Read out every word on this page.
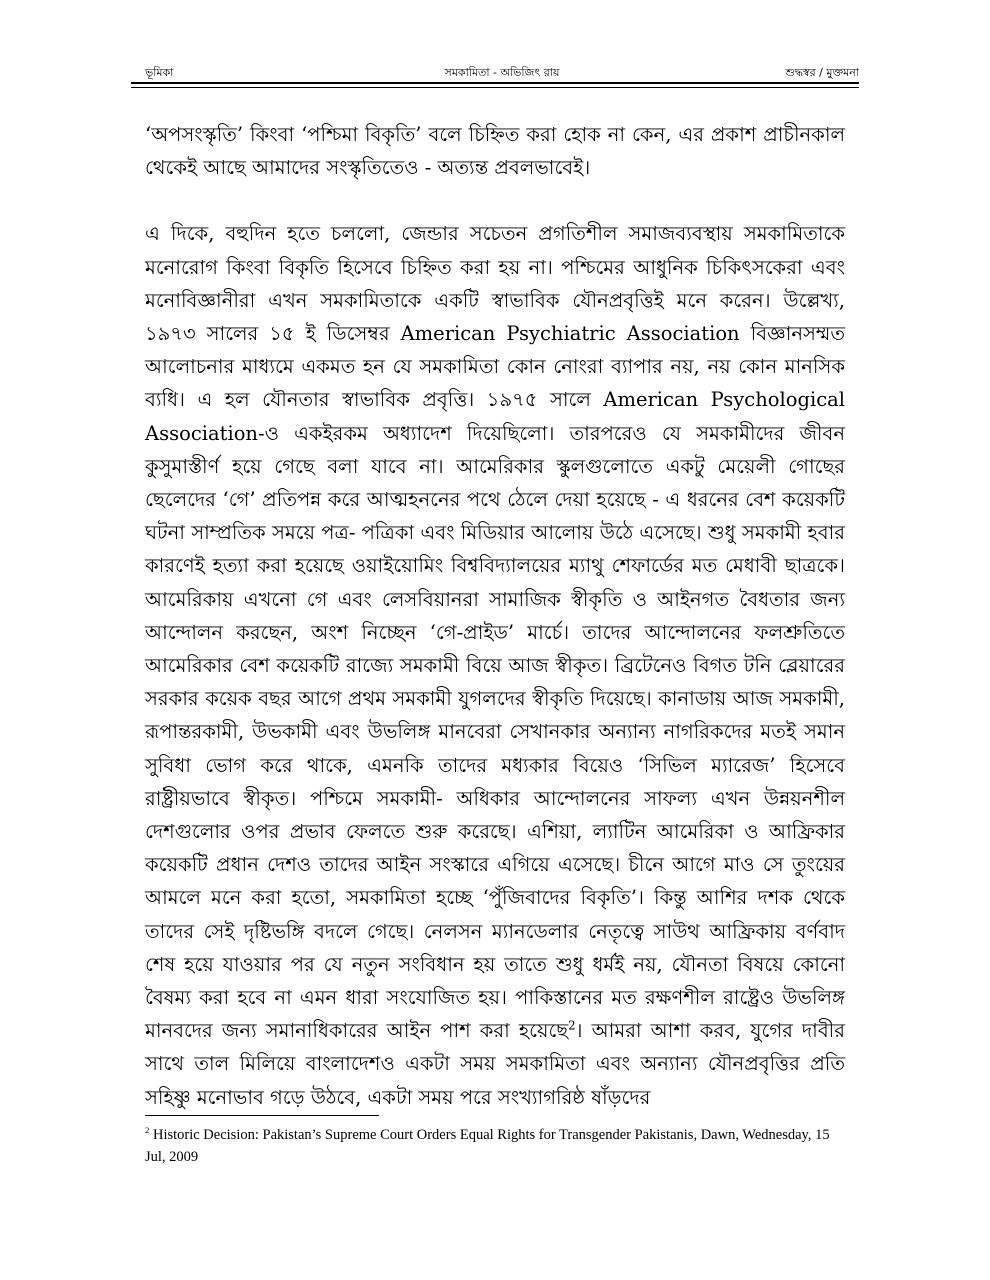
ভূমিকা	সমকামিতা - অভিজিৎ রায়	শুদ্ধস্বর / মুক্তমনা

‘অপসংস্কৃতি’ কিংবা ‘পশ্চিমা বিকৃতি’ বলে চিহ্নিত করা হোক না কেন, এর প্রকাশ প্রাচীনকাল থেকেই আছে আমাদের সংস্কৃতিতেও - অত্যন্ত প্রবলভাবেই।

এ দিকে, বহুদিন হতে চললো, জেন্ডার সচেতন প্রগতিশীল সমাজব্যবস্থায় সমকামিতাকে মনোরোগ কিংবা বিকৃতি হিসেবে চিহ্নিত করা হয় না। পশ্চিমের আধুনিক চিকিৎসকেরা এবং মনোবিজ্ঞানীরা এখন সমকামিতাকে একটি স্বাভাবিক যৌনপ্রবৃত্তিই মনে করেন। উল্লেখ্য, ১৯৭৩ সালের ১৫ ই ডিসেম্বর American Psychiatric Association বিজ্ঞানসম্মত আলোচনার মাধ্যমে একমত হন যে সমকামিতা কোন নোংরা ব্যাপার নয়, নয় কোন মানসিক ব্যধি। এ হল যৌনতার স্বাভাবিক প্রবৃত্তি। ১৯৭৫ সালে American Psychological Association-ও একইরকম অধ্যাদেশ দিয়েছিলো। তারপরেও যে সমকামীদের জীবন কুসুমাস্তীর্ণ হয়ে গেছে বলা যাবে না। আমেরিকার স্কুলগুলোতে একটু মেয়েলী গোছের ছেলেদের ‘গে’ প্রতিপন্ন করে আত্মহননের পথে ঠেলে দেয়া হয়েছে - এ ধরনের বেশ কয়েকটি ঘটনা সাম্প্রতিক সময়ে পত্র- পত্রিকা এবং মিডিয়ার আলোয় উঠে এসেছে। শুধু সমকামী হবার কারণেই হত্যা করা হয়েছে ওয়াইয়োমিং বিশ্ববিদ্যালয়ের ম্যাথু শেফার্ডের মত মেধাবী ছাত্রকে। আমেরিকায় এখনো গে এবং লেসবিয়ানরা সামাজিক স্বীকৃতি ও আইনগত বৈধতার জন্য আন্দোলন করছেন, অংশ নিচ্ছেন ‘গে-প্রাইড’ মার্চে। তাদের আন্দোলনের ফলশ্রুতিতে আমেরিকার বেশ কয়েকটি রাজ্যে সমকামী বিয়ে আজ স্বীকৃত। ব্রিটেনেও বিগত টনি ব্লেয়ারের সরকার কয়েক বছর আগে প্রথম সমকামী যুগলদের স্বীকৃতি দিয়েছে। কানাডায় আজ সমকামী, রূপান্তরকামী, উভকামী এবং উভলিঙ্গ মানবেরা সেখানকার অন্যান্য নাগরিকদের মতই সমান সুবিধা ভোগ করে থাকে, এমনকি তাদের মধ্যকার বিয়েও ‘সিভিল ম্যারেজ’ হিসেবে রাষ্ট্রীয়ভাবে স্বীকৃত। পশ্চিমে সমকামী- অধিকার আন্দোলনের সাফল্য এখন উন্নয়নশীল দেশগুলোর ওপর প্রভাব ফেলতে শুরু করেছে। এশিয়া, ল্যাটিন আমেরিকা ও আফ্রিকার কয়েকটি প্রধান দেশও তাদের আইন সংস্কারে এগিয়ে এসেছে। চীনে আগে মাও সে তুংয়ের আমলে মনে করা হতো, সমকামিতা হচ্ছে ‘পুঁজিবাদের বিকৃতি’। কিন্তু আশির দশক থেকে তাদের সেই দৃষ্টিভঙ্গি বদলে গেছে। নেলসন ম্যানডেলার নেতৃত্বে সাউথ আফ্রিকায় বর্ণবাদ শেষ হয়ে যাওয়ার পর যে নতুন সংবিধান হয় তাতে শুধু ধর্মই নয়, যৌনতা বিষয়ে কোনো বৈষম্য করা হবে না এমন ধারা সংযোজিত হয়। পাকিস্তানের মত রক্ষণশীল রাষ্ট্রেও উভলিঙ্গ মানবদের জন্য সমানাধিকারের আইন পাশ করা হয়েছে$^2$। আমরা আশা করব, যুগের দাবীর সাথে তাল মিলিয়ে বাংলাদেশও একটা সময় সমকামিতা এবং অন্যান্য যৌনপ্রবৃত্তির প্রতি সহিষ্ণু মনোভাব গড়ে উঠবে, একটা সময় পরে সংখ্যাগরিষ্ঠ ষাঁড়দের

$^2$ Historic Decision: Pakistan’s Supreme Court Orders Equal Rights for Transgender Pakistanis, Dawn, Wednesday, 15 Jul, 2009
